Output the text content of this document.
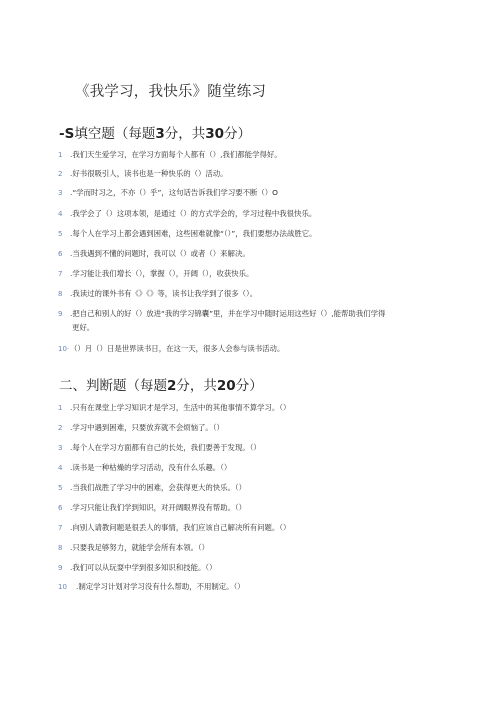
《我学习，我快乐》随堂练习
-S填空题（每题3分，共30分）
1 .我们天生爱学习，在学习方面每个人都有（）,我们都能学得好。
2 .好书很吸引人，读书也是一种快乐的（）活动。
3 .“学而时习之，不亦（）乎”，这句话告诉我们学习要不断（）O
4 .我学会了（）这项本领，是通过（）的方式学会的，学习过程中我很快乐。
5 .每个人在学习上都会遇到困难，这些困难就像“（）”，我们要想办法战胜它。
6 .当我遇到不懂的问题时，我可以（）或者（）来解决。
7 .学习能让我们增长（），掌握（），开阔（），收获快乐。
8 .我读过的课外书有《》《》等，读书让我学到了很多（）。
9 .把自己和别人的好（）放进“我的学习锦囊”里，并在学习中随时运用这些好（）,能帮助我们学得
更好。
10·（）月（）日是世界读书日，在这一天，很多人会参与读书活动。
二、判断题（每题2分，共20分）
1 .只有在课堂上学习知识才是学习，生活中的其他事情不算学习。（）
2 .学习中遇到困难，只要放弃就不会烦恼了。（）
3 .每个人在学习方面都有自己的长处，我们要善于发现。（）
4 .读书是一种枯燥的学习活动，没有什么乐趣。（）
5 .当我们战胜了学习中的困难，会获得更大的快乐。（）
6 .学习只能让我们学到知识，对开阔眼界没有帮助。（）
7 .向别人请教问题是很丢人的事情，我们应该自己解决所有问题。（）
8 .只要我足够努力，就能学会所有本领。（）
9 .我们可以从玩耍中学到很多知识和技能。（）
10 .制定学习计划对学习没有什么帮助，不用制定。（）
